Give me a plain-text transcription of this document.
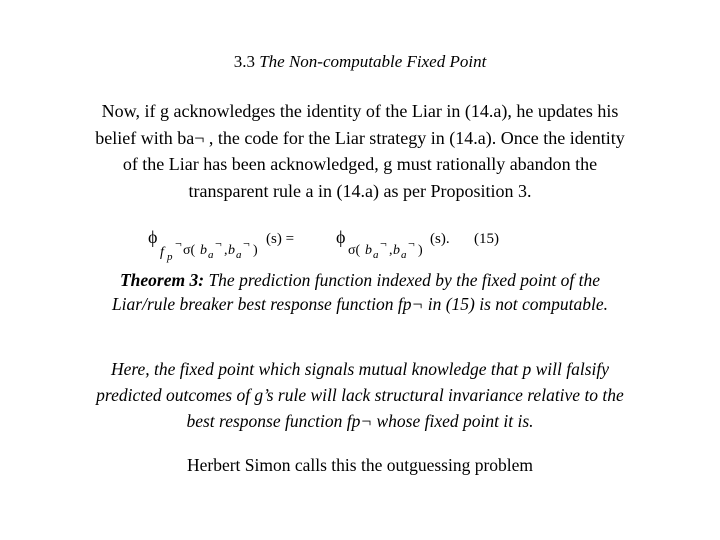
3.3 The Non-computable Fixed Point
Now, if g acknowledges the identity of the Liar in (14.a), he updates his
belief with ba¬ , the code for the Liar strategy in (14.a). Once the identity
of the Liar has been acknowledged, g must rationally abandon the
transparent rule a in (14.a) as per Proposition 3.
ϕ
f p
¬ σ( b a
¬ , b a
¬ )
(s) = ϕ
σ( b a
¬ , b a
¬ )
(s). (15)
Theorem 3: The prediction function indexed by the fixed point of the
Liar/rule breaker best response function fp¬ in (15) is not computable.
Here, the fixed point which signals mutual knowledge that p will falsify
predicted outcomes of g’s rule will lack structural invariance relative to the
best response function fp¬ whose fixed point it is.
Herbert Simon calls this the outguessing problem
